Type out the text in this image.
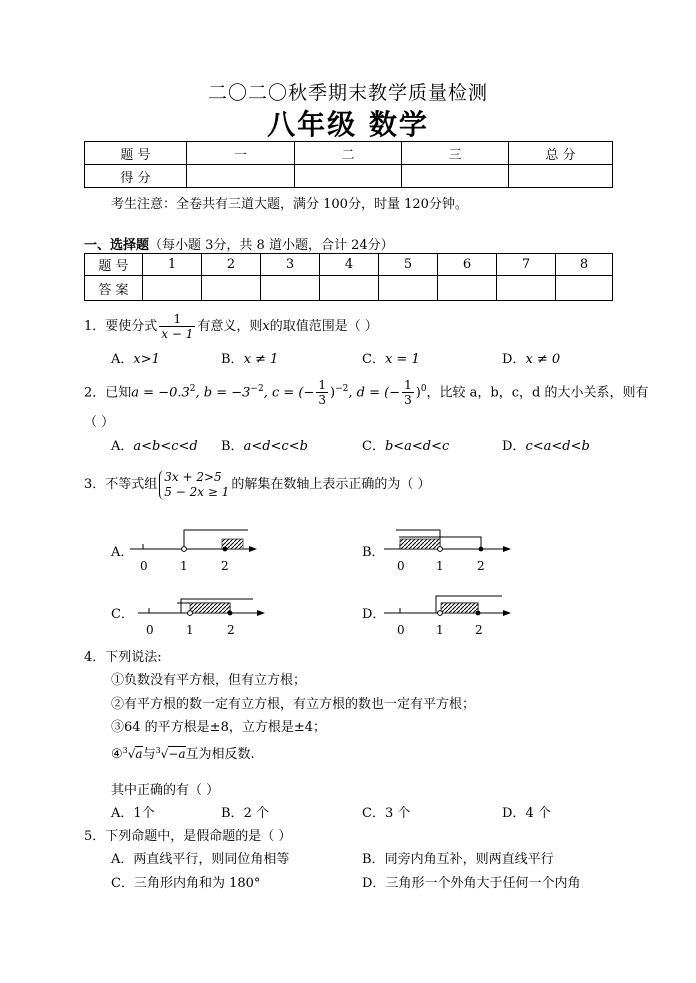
二〇二〇秋季期末教学质量检测
八年级 数学
题 号	一	二	三	总 分
得 分				
考生注意：全卷共有三道大题，满分 100分，时量 120分钟。
一、选择题（每小题 3分，共 8 道小题，合计 24分）
题 号	1	2	3	4	5	6	7	8
答 案								
1．要使分式 $\frac{1}{x - 1}$ 有意义，则x的取值范围是（ ）
A．x>1	B．x ≠ 1	C．x = 1	D．x ≠ 0
2．已知$a = -0.3^2$, $b = -3^{-2}$, c = (− $\frac{1}{3} )^{-2}$, d = (− $\frac{1}{3} )^0$，比较 a，b，c，d 的大小关系，则有
（ ）
A．a<b<c<d B．a<d<c<b	C．b<a<d<c	D．c<a<d<b
3．不等式组
3x + 2>5
5 − 2x ≥ 1 的解集在数轴上表示正确的为（ ）
A．
0	1	2
B．
0	1	2
C．
0	1	2
D．
0	1	2
4．下列说法:
①负数没有平方根，但有立方根；
②有平方根的数一定有立方根，有立方根的数也一定有平方根；
③64 的平方根是±8，立方根是±4；
④$^3$√a与$^3$√−a互为相反数.
其中正确的有（ ）
A．1个	B．2 个	C．3 个	D．4 个
5．下列命题中，是假命题的是（ ）
A．两直线平行，则同位角相等	B．同旁内角互补，则两直线平行
C．三角形内角和为 180°	D．三角形一个外角大于任何一个内角
